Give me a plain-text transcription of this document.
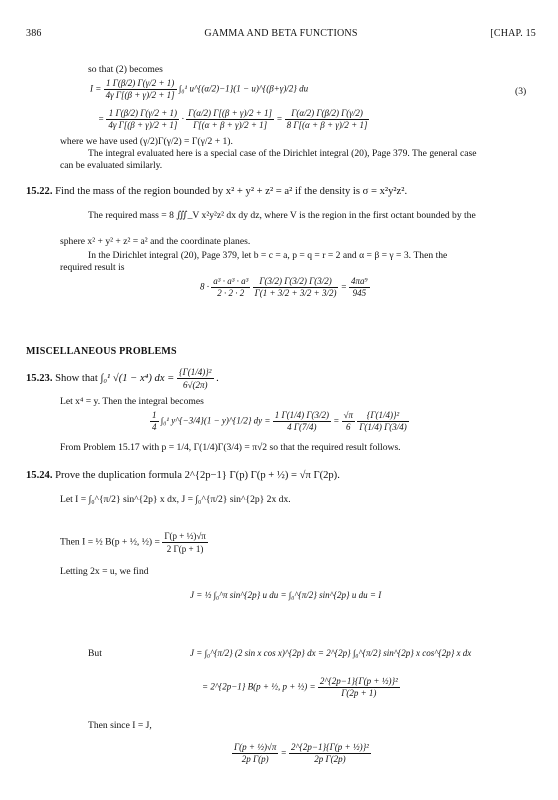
386	GAMMA AND BETA FUNCTIONS	[CHAP. 15
so that (2) becomes
$I = \frac{1 \Gamma(\beta/2) \Gamma(\gamma/2 + 1)}{\text{4γ Γ[(β + γ)/2 + 1]}} \int_0^1$ u^{(α/2)−1}(1 − u)^{(β+γ)/2} du	(3)
= $\frac{1 \Gamma(\beta/2) \Gamma(\gamma/2 + 1)}{\text{4γ Γ[(β + γ)/2 + 1]}} \cdot \frac{\Gamma(\alpha/2) \Gamma[(\beta + \gamma)/2 + 1]}{\Gamma[(\alpha + \beta + \gamma)/2 + 1]} = \frac{\Gamma(\alpha/2) \Gamma(\beta/2) \Gamma(\gamma/2)}{8 \Gamma[(\alpha + \beta + \gamma)/2 + 1]}$
where we have used (γ/2)Γ(γ/2) = Γ(γ/2 + 1).
The integral evaluated here is a special case of the Dirichlet integral (20), Page 379. The general case
can be evaluated similarly.
15.22. Find the mass of the region bounded by x² + y² + z² = a² if the density is σ = x²y²z².
The required mass = 8 ∭_V x²y²z² dx dy dz, where V is the region in the first octant bounded by the
sphere x² + y² + z² = a² and the coordinate planes.
In the Dirichlet integral (20), Page 379, let b = c = a, p = q = r = 2 and α = β = γ = 3. Then the
required result is
$8 \cdot \frac{\text{a³ · a³ · a³}}{2 \cdot 2 \cdot 2}$
$\frac{\Gamma(3/2) \Gamma(3/2) \Gamma(3/2)}{\Gamma(1 + 3/2 + 3/2 + 3/2)} = \frac{\text{4πa⁹}}{945}$
MISCELLANEOUS PROBLEMS
15.23. Show that ∫₀¹ √(1 − x⁴) dx = $\frac{\text{\{Γ(1/4)\}²}}{6√(2\pi)}$ .
Let x⁴ = y. Then the integral becomes
$\frac{1}{4} \int_0^1$ y^{−3/4}(1 − y)^{1/2} dy = $\frac{1 \Gamma(1/4) \Gamma(3/2)}{4 \Gamma(7/4)} = \frac{√\pi}{6}$
$\frac{\text{\{Γ(1/4)\}²}}{\Gamma(1/4) \Gamma(3/4)}$
From Problem 15.17 with p = 1/4, Γ(1/4)Γ(3/4) = π√2 so that the required result follows.
15.24. Prove the duplication formula 2^{2p−1} Γ(p) Γ(p + ½) = √π Γ(2p).
Let I = ∫₀^{π/2} sin^{2p} x dx, J = ∫₀^{π/2} sin^{2p} 2x dx.
Then I = ½ B(p + ½, ½) = $\frac{\text{Γ(p + ½)√π}}{2 \Gamma(p + 1)}$
Letting 2x = u, we find
J = ½ ∫₀^π sin^{2p} u du = ∫₀^{π/2} sin^{2p} u du = I
But	J = ∫₀^{π/2} (2 sin x cos x)^{2p} dx = 2^{2p} ∫₀^{π/2} sin^{2p} x cos^{2p} x dx
= 2^{2p−1} B(p + ½, p + ½) = $\frac{\text{2\textasciicircum{}\{2p−1\}\{Γ(p + ½)\}²}}{\Gamma(2p + 1)}$
Then since I = J,
$\frac{\text{Γ(p + ½)√π}}{\text{2p Γ(p)}} = \frac{\text{2\textasciicircum{}\{2p−1\}\{Γ(p + ½)\}²}}{\text{2p Γ(2p)}}$
